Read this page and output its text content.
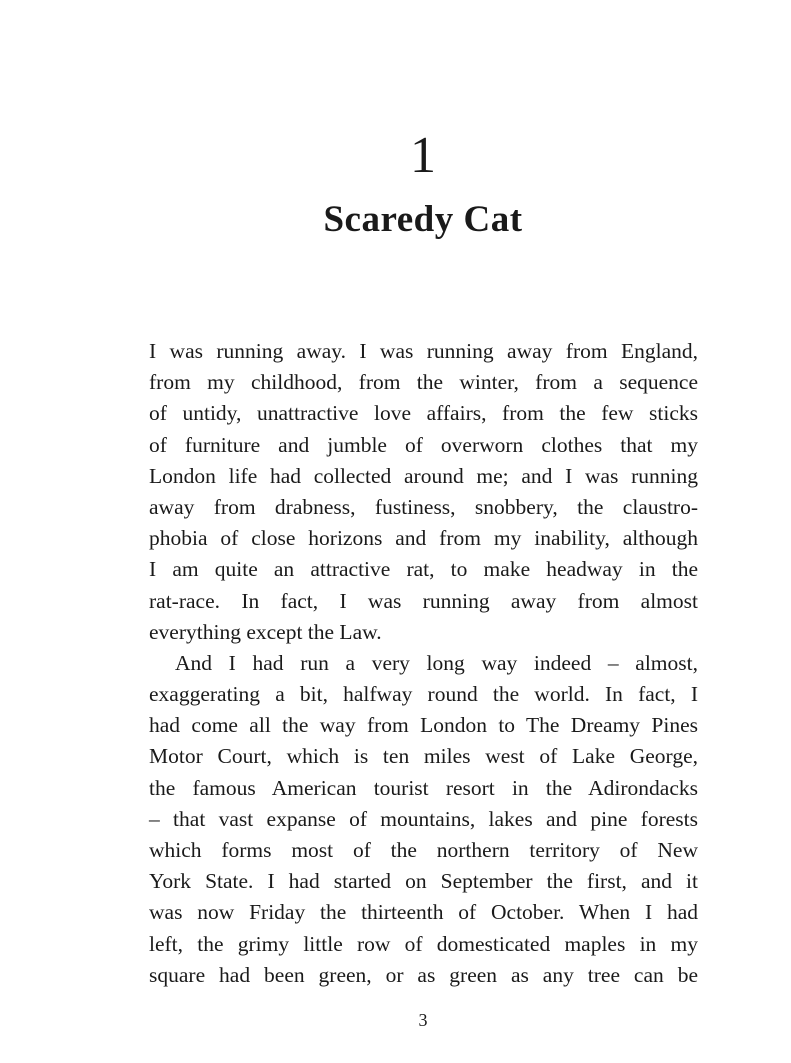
1
Scaredy Cat
I was running away. I was running away from England,
from my childhood, from the winter, from a sequence
of untidy, unattractive love affairs, from the few sticks
of furniture and jumble of overworn clothes that my
London life had collected around me; and I was running
away from drabness, fustiness, snobbery, the claustro-
phobia of close horizons and from my inability, although
I am quite an attractive rat, to make headway in the
rat-race. In fact, I was running away from almost
everything except the Law.
And I had run a very long way indeed – almost,
exaggerating a bit, halfway round the world. In fact, I
had come all the way from London to The Dreamy Pines
Motor Court, which is ten miles west of Lake George,
the famous American tourist resort in the Adirondacks
– that vast expanse of mountains, lakes and pine forests
which forms most of the northern territory of New
York State. I had started on September the first, and it
was now Friday the thirteenth of October. When I had
left, the grimy little row of domesticated maples in my
square had been green, or as green as any tree can be
3
